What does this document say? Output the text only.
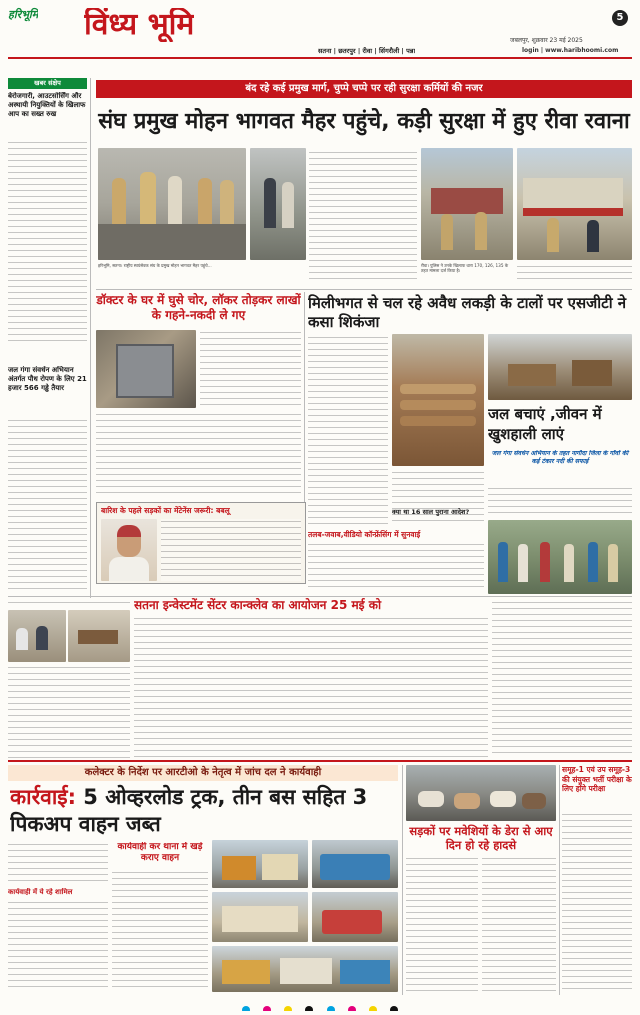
हरिभूमि विंध्य भूमि	5
सतना | छतरपुर | रीवा | सिंगरौली | पन्ना
जबलपुर, शुक्रवार 23 मई 2025
login | www.haribhoomi.com
खबर संक्षेप
बेरोजगारी, आउटसोर्सिंग और अस्थायी नियुक्तियों के खिलाफ आप का सख्त रुख
जल गंगा संवर्धन अभियान अंतर्गत पौध रोपण के लिए 21 हजार 566 गड्ढे तैयार
बंद रहे कई प्रमुख मार्ग, चुप्पे चप्पे पर रही सुरक्षा कर्मियों की नजर
संघ प्रमुख मोहन भागवत मैहर पहुंचे, कड़ी सुरक्षा में हुए रीवा रवाना
हरिभूमि, सतना। राष्ट्रीय स्वयंसेवक संघ के प्रमुख मोहन भागवत मैहर पहुंचे...	रीवा। पुलिस ने उनके खिलाफ धारा 170, 126, 135 के तहत मामला दर्ज किया है।
डॉक्टर के घर में घुसे चोर, लॉकर तोड़कर लाखों के गहने-नकदी ले गए
मिलीभगत से चल रहे अवैध लकड़ी के टालों पर एसजीटी ने कसा शिकंजा
जल बचाएं ,जीवन में खुशहाली लाएं
जल गंगा संवर्धन अभियान के तहत नागौदा जिला के गाँवों की कई टंकार नदी की सफाई
बारिश के पहले सड़कों का मेंटेनेंस जरूरी: बबलू
तलब-जवाब,वीडियो कॉन्फ्रेंसिंग में सुनवाई
क्या था 16 साल पुराना आदेश?
सतना इन्वेस्टमेंट सेंटर कान्क्लेव का आयोजन 25 मई को
कलेक्टर के निर्देश पर आरटीओ के नेतृत्व में जांच दल ने कार्यवाही
कार्रवाई: 5 ओव्हरलोड ट्रक, तीन बस सहित 3 पिकअप वाहन जब्त
कार्यवाही में ये रहे शामिल
कार्यवाही कर थाना में खड़े कराए वाहन
सड़कों पर मवेशियों के डेरा से आए दिन हो रहे हादसे
समूह-1 एवं उप समूह-3 की संयुक्त भर्ती परीक्षा के लिए होंगे परीक्षा
